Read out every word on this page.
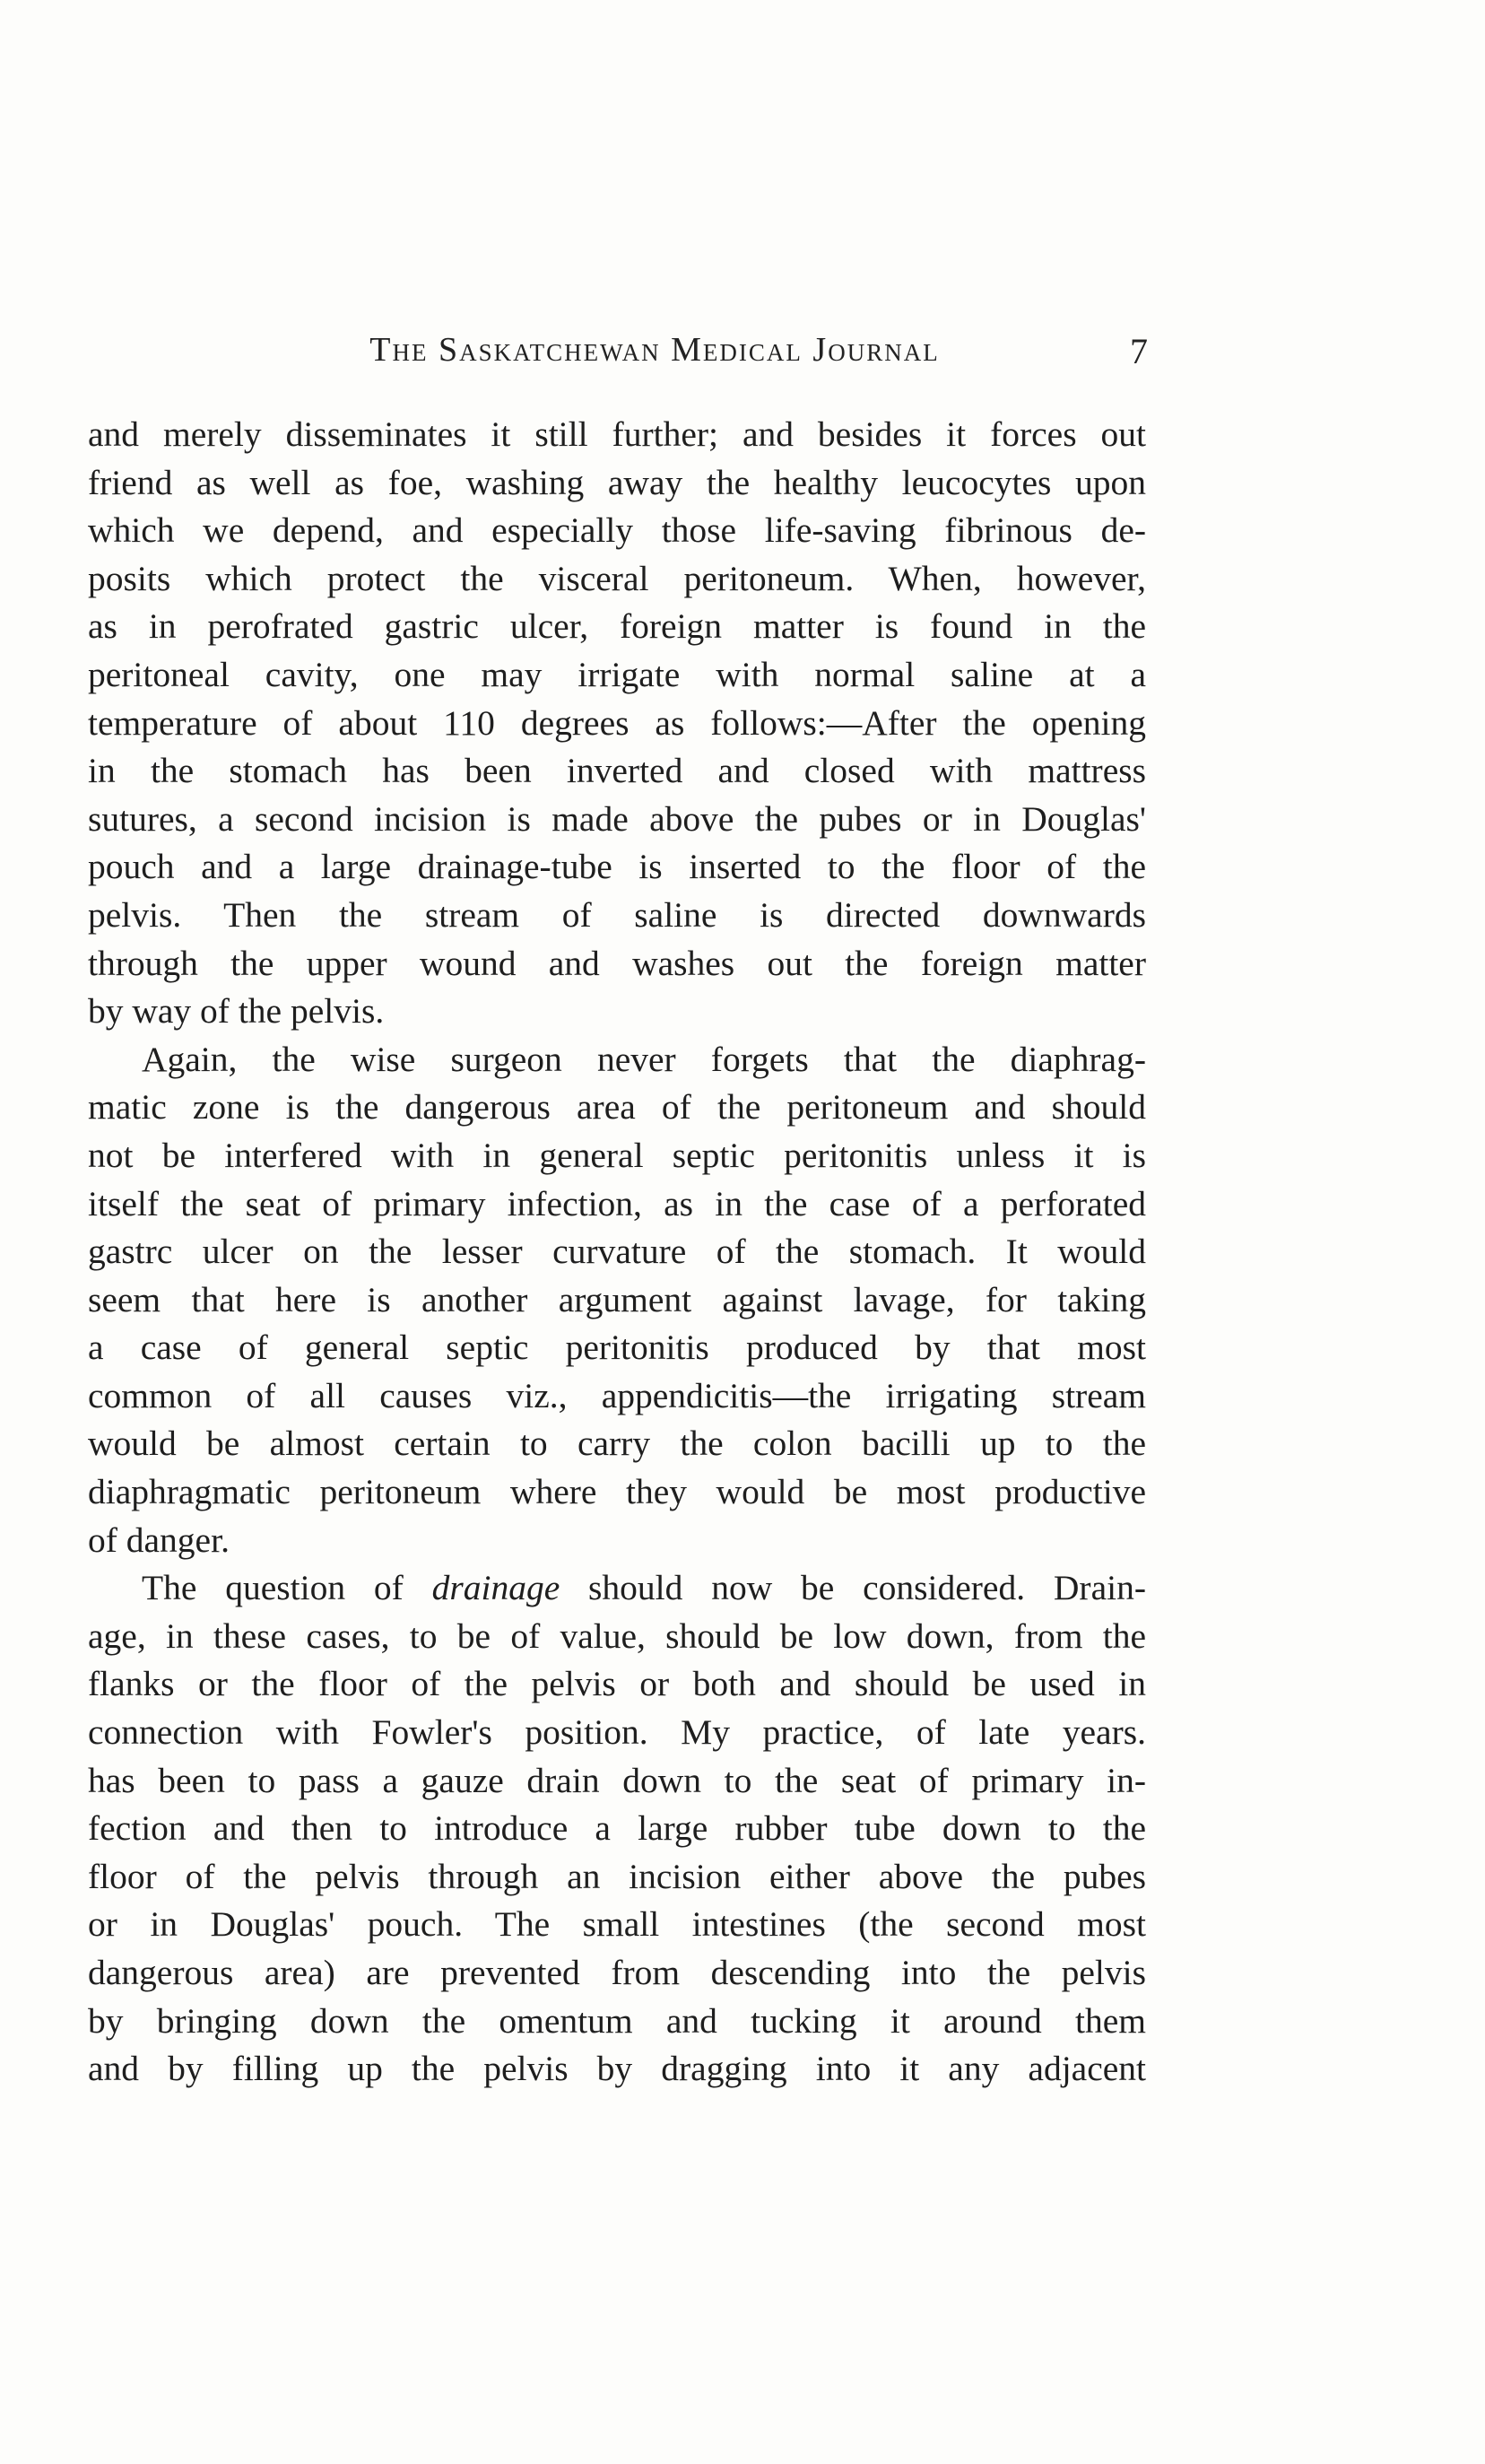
The Saskatchewan Medical Journal	7
and merely disseminates it still further; and besides it forces out
friend as well as foe, washing away the healthy leucocytes upon
which we depend, and especially those life-saving fibrinous de-
posits which protect the visceral peritoneum. When, however,
as in perofrated gastric ulcer, foreign matter is found in the
peritoneal cavity, one may irrigate with normal saline at a
temperature of about 110 degrees as follows:—After the opening
in the stomach has been inverted and closed with mattress
sutures, a second incision is made above the pubes or in Douglas'
pouch and a large drainage-tube is inserted to the floor of the
pelvis. Then the stream of saline is directed downwards
through the upper wound and washes out the foreign matter
by way of the pelvis.
Again, the wise surgeon never forgets that the diaphrag-
matic zone is the dangerous area of the peritoneum and should
not be interfered with in general septic peritonitis unless it is
itself the seat of primary infection, as in the case of a perforated
gastrc ulcer on the lesser curvature of the stomach. It would
seem that here is another argument against lavage, for taking
a case of general septic peritonitis produced by that most
common of all causes viz., appendicitis—the irrigating stream
would be almost certain to carry the colon bacilli up to the
diaphragmatic peritoneum where they would be most productive
of danger.
The question of drainage should now be considered. Drain-
age, in these cases, to be of value, should be low down, from the
flanks or the floor of the pelvis or both and should be used in
connection with Fowler's position. My practice, of late years.
has been to pass a gauze drain down to the seat of primary in-
fection and then to introduce a large rubber tube down to the
floor of the pelvis through an incision either above the pubes
or in Douglas' pouch. The small intestines (the second most
dangerous area) are prevented from descending into the pelvis
by bringing down the omentum and tucking it around them
and by filling up the pelvis by dragging into it any adjacent
